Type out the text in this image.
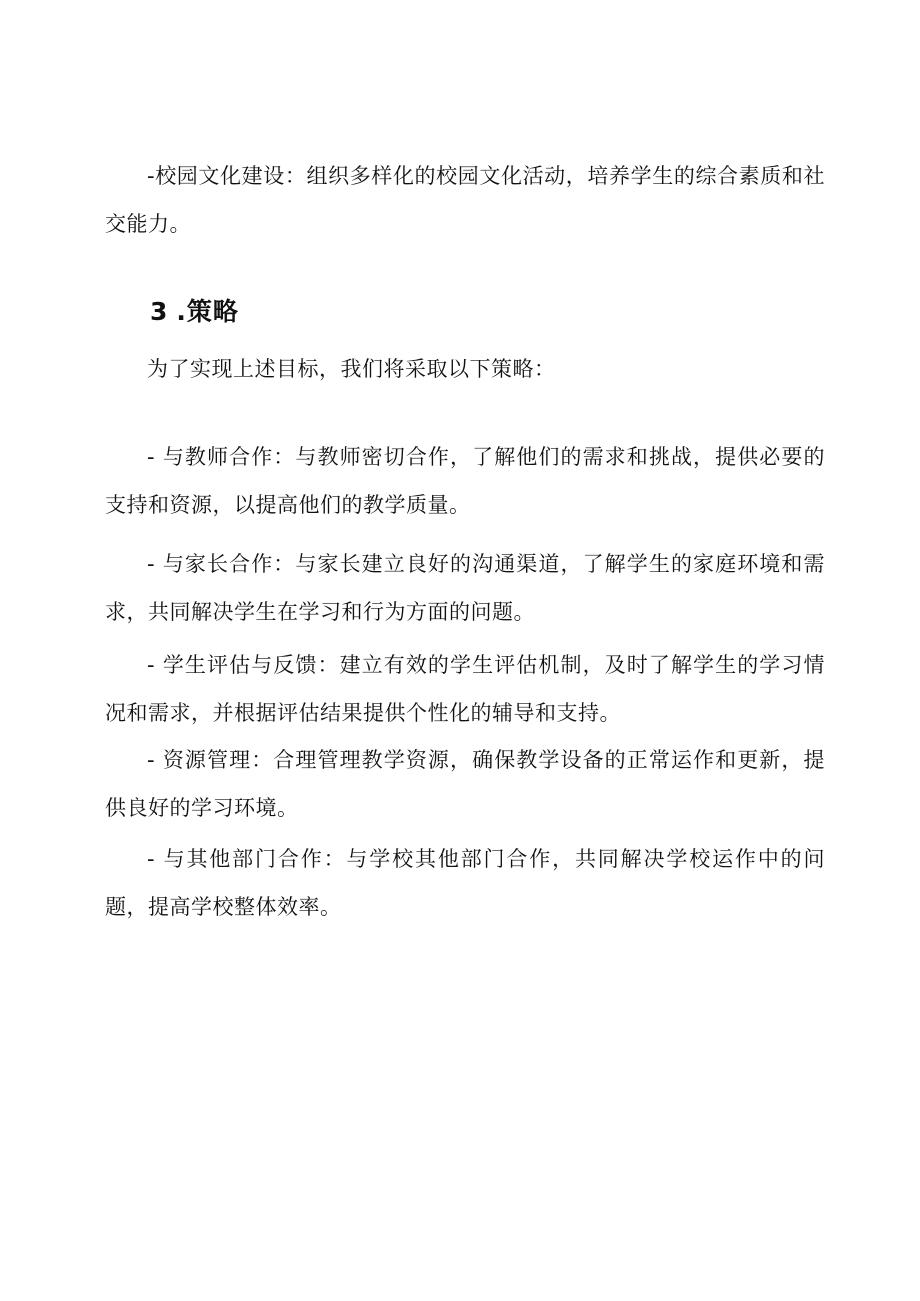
-校园文化建设：组织多样化的校园文化活动，培养学生的综合素质和社交能力。

3 .策略

为了实现上述目标，我们将采取以下策略：

- 与教师合作：与教师密切合作，了解他们的需求和挑战，提供必要的支持和资源，以提高他们的教学质量。

- 与家长合作：与家长建立良好的沟通渠道，了解学生的家庭环境和需求，共同解决学生在学习和行为方面的问题。

- 学生评估与反馈：建立有效的学生评估机制，及时了解学生的学习情况和需求，并根据评估结果提供个性化的辅导和支持。

- 资源管理：合理管理教学资源，确保教学设备的正常运作和更新，提供良好的学习环境。

- 与其他部门合作：与学校其他部门合作，共同解决学校运作中的问题，提高学校整体效率。
